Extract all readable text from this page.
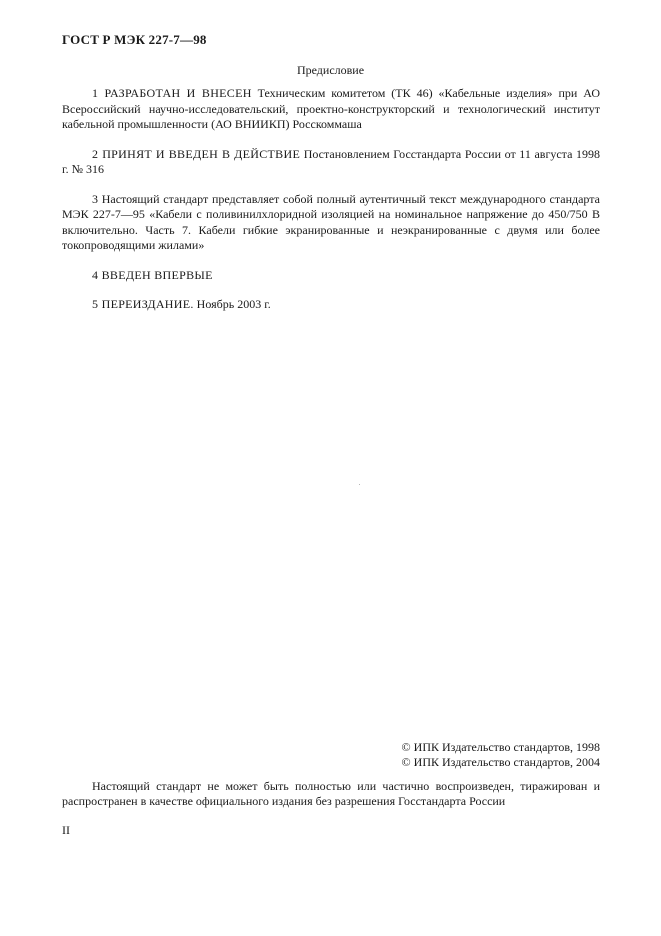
ГОСТ Р МЭК 227-7—98
Предисловие

1 РАЗРАБОТАН И ВНЕСЕН Техническим комитетом (ТК 46) «Кабельные изделия» при АО Всероссийский научно-исследовательский, проектно-конструкторский и технологический институт кабельной промышленности (АО ВНИИКП) Росскоммаша

2 ПРИНЯТ И ВВЕДЕН В ДЕЙСТВИЕ Постановлением Госстандарта России от 11 августа 1998 г. № 316

3 Настоящий стандарт представляет собой полный аутентичный текст международного стандарта МЭК 227-7—95 «Кабели с поливинилхлоридной изоляцией на номинальное напряжение до 450/750 В включительно. Часть 7. Кабели гибкие экранированные и неэкранированные с двумя или более токопроводящими жилами»

4 ВВЕДЕН ВПЕРВЫЕ

5 ПЕРЕИЗДАНИЕ. Ноябрь 2003 г.

© ИПК Издательство стандартов, 1998
© ИПК Издательство стандартов, 2004
Настоящий стандарт не может быть полностью или частично воспроизведен, тиражирован и распространен в качестве официального издания без разрешения Госстандарта России
II
